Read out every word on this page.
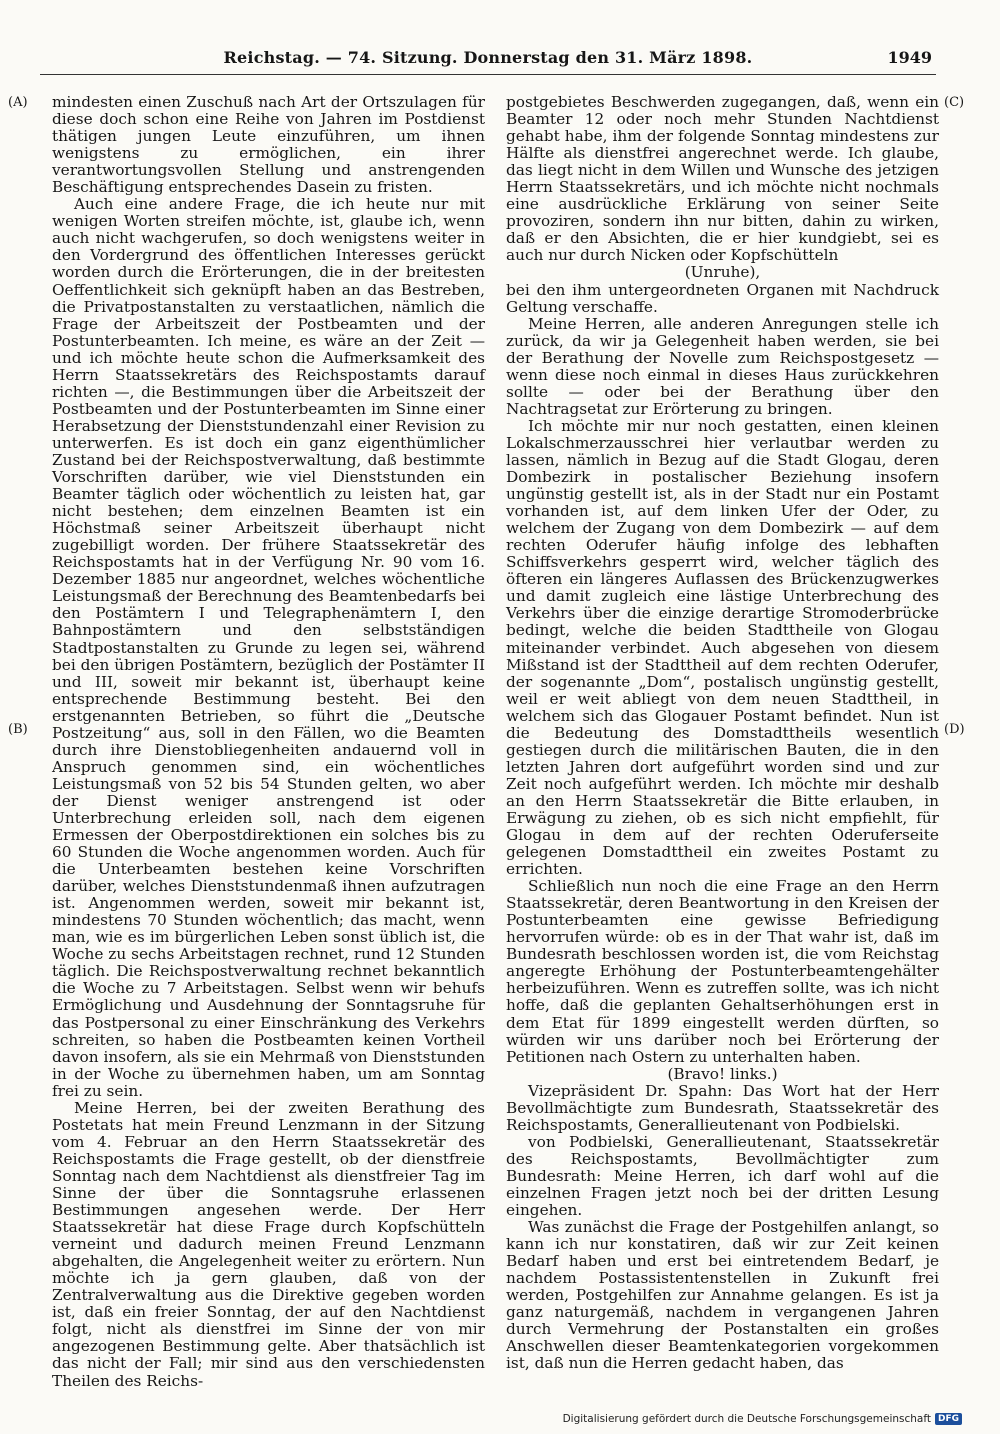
Reichstag. — 74. Sitzung. Donnerstag den 31. März 1898.	1949
(A)
(B)
(C)
(D)

mindesten einen Zuschuß nach Art der Ortszulagen für diese doch schon eine Reihe von Jahren im Postdienst thätigen jungen Leute einzuführen, um ihnen wenigstens zu ermöglichen, ein ihrer verantwortungsvollen Stellung und anstrengenden Beschäftigung entsprechendes Dasein zu fristen.

Auch eine andere Frage, die ich heute nur mit wenigen Worten streifen möchte, ist, glaube ich, wenn auch nicht wachgerufen, so doch wenigstens weiter in den Vordergrund des öffentlichen Interesses gerückt worden durch die Erörterungen, die in der breitesten Oeffentlichkeit sich geknüpft haben an das Bestreben, die Privatpostanstalten zu verstaatlichen, nämlich die Frage der Arbeitszeit der Postbeamten und der Postunterbeamten. Ich meine, es wäre an der Zeit — und ich möchte heute schon die Aufmerksamkeit des Herrn Staatssekretärs des Reichspostamts darauf richten —, die Bestimmungen über die Arbeitszeit der Postbeamten und der Postunterbeamten im Sinne einer Herabsetzung der Dienststundenzahl einer Revision zu unterwerfen. Es ist doch ein ganz eigenthümlicher Zustand bei der Reichspostverwaltung, daß bestimmte Vorschriften darüber, wie viel Dienststunden ein Beamter täglich oder wöchentlich zu leisten hat, gar nicht bestehen; dem einzelnen Beamten ist ein Höchstmaß seiner Arbeitszeit überhaupt nicht zugebilligt worden. Der frühere Staatssekretär des Reichspostamts hat in der Verfügung Nr. 90 vom 16. Dezember 1885 nur angeordnet, welches wöchentliche Leistungsmaß der Berechnung des Beamtenbedarfs bei den Postämtern I und Telegraphenämtern I, den Bahnpostämtern und den selbstständigen Stadtpostanstalten zu Grunde zu legen sei, während bei den übrigen Postämtern, bezüglich der Postämter II und III, soweit mir bekannt ist, überhaupt keine entsprechende Bestimmung besteht. Bei den erstgenannten Betrieben, so führt die „Deutsche Postzeitung“ aus, soll in den Fällen, wo die Beamten durch ihre Dienstobliegenheiten andauernd voll in Anspruch genommen sind, ein wöchentliches Leistungsmaß von 52 bis 54 Stunden gelten, wo aber der Dienst weniger anstrengend ist oder Unterbrechung erleiden soll, nach dem eigenen Ermessen der Oberpostdirektionen ein solches bis zu 60 Stunden die Woche angenommen worden. Auch für die Unterbeamten bestehen keine Vorschriften darüber, welches Dienststundenmaß ihnen aufzutragen ist. Angenommen werden, soweit mir bekannt ist, mindestens 70 Stunden wöchentlich; das macht, wenn man, wie es im bürgerlichen Leben sonst üblich ist, die Woche zu sechs Arbeitstagen rechnet, rund 12 Stunden täglich. Die Reichspostverwaltung rechnet bekanntlich die Woche zu 7 Arbeitstagen. Selbst wenn wir behufs Ermöglichung und Ausdehnung der Sonntagsruhe für das Postpersonal zu einer Einschränkung des Verkehrs schreiten, so haben die Postbeamten keinen Vortheil davon insofern, als sie ein Mehrmaß von Dienststunden in der Woche zu übernehmen haben, um am Sonntag frei zu sein.

Meine Herren, bei der zweiten Berathung des Postetats hat mein Freund Lenzmann in der Sitzung vom 4. Februar an den Herrn Staatssekretär des Reichspostamts die Frage gestellt, ob der dienstfreie Sonntag nach dem Nachtdienst als dienstfreier Tag im Sinne der über die Sonntagsruhe erlassenen Bestimmungen angesehen werde. Der Herr Staatssekretär hat diese Frage durch Kopfschütteln verneint und dadurch meinen Freund Lenzmann abgehalten, die Angelegenheit weiter zu erörtern. Nun möchte ich ja gern glauben, daß von der Zentralverwaltung aus die Direktive gegeben worden ist, daß ein freier Sonntag, der auf den Nachtdienst folgt, nicht als dienstfrei im Sinne der von mir angezogenen Bestimmung gelte. Aber thatsächlich ist das nicht der Fall; mir sind aus den verschiedensten Theilen des Reichs-

postgebietes Beschwerden zugegangen, daß, wenn ein Beamter 12 oder noch mehr Stunden Nachtdienst gehabt habe, ihm der folgende Sonntag mindestens zur Hälfte als dienstfrei angerechnet werde. Ich glaube, das liegt nicht in dem Willen und Wunsche des jetzigen Herrn Staatssekretärs, und ich möchte nicht nochmals eine ausdrückliche Erklärung von seiner Seite provoziren, sondern ihn nur bitten, dahin zu wirken, daß er den Absichten, die er hier kundgiebt, sei es auch nur durch Nicken oder Kopfschütteln

(Unruhe),

bei den ihm untergeordneten Organen mit Nachdruck Geltung verschaffe.

Meine Herren, alle anderen Anregungen stelle ich zurück, da wir ja Gelegenheit haben werden, sie bei der Berathung der Novelle zum Reichspostgesetz — wenn diese noch einmal in dieses Haus zurückkehren sollte — oder bei der Berathung über den Nachtragsetat zur Erörterung zu bringen.

Ich möchte mir nur noch gestatten, einen kleinen Lokalschmerzausschrei hier verlautbar werden zu lassen, nämlich in Bezug auf die Stadt Glogau, deren Dombezirk in postalischer Beziehung insofern ungünstig gestellt ist, als in der Stadt nur ein Postamt vorhanden ist, auf dem linken Ufer der Oder, zu welchem der Zugang von dem Dombezirk — auf dem rechten Oderufer häufig infolge des lebhaften Schiffsverkehrs gesperrt wird, welcher täglich des öfteren ein längeres Auflassen des Brückenzugwerkes und damit zugleich eine lästige Unterbrechung des Verkehrs über die einzige derartige Stromoderbrücke bedingt, welche die beiden Stadttheile von Glogau miteinander verbindet. Auch abgesehen von diesem Mißstand ist der Stadttheil auf dem rechten Oderufer, der sogenannte „Dom“, postalisch ungünstig gestellt, weil er weit abliegt von dem neuen Stadttheil, in welchem sich das Glogauer Postamt befindet. Nun ist die Bedeutung des Domstadttheils wesentlich gestiegen durch die militärischen Bauten, die in den letzten Jahren dort aufgeführt worden sind und zur Zeit noch aufgeführt werden. Ich möchte mir deshalb an den Herrn Staatssekretär die Bitte erlauben, in Erwägung zu ziehen, ob es sich nicht empfiehlt, für Glogau in dem auf der rechten Oderuferseite gelegenen Domstadttheil ein zweites Postamt zu errichten.

Schließlich nun noch die eine Frage an den Herrn Staatssekretär, deren Beantwortung in den Kreisen der Postunterbeamten eine gewisse Befriedigung hervorrufen würde: ob es in der That wahr ist, daß im Bundesrath beschlossen worden ist, die vom Reichstag angeregte Erhöhung der Postunterbeamtengehälter herbeizuführen. Wenn es zutreffen sollte, was ich nicht hoffe, daß die geplanten Gehaltserhöhungen erst in dem Etat für 1899 eingestellt werden dürften, so würden wir uns darüber noch bei Erörterung der Petitionen nach Ostern zu unterhalten haben.

(Bravo! links.)

Vizepräsident Dr. Spahn: Das Wort hat der Herr Bevollmächtigte zum Bundesrath, Staatssekretär des Reichspostamts, Generallieutenant von Podbielski.

von Podbielski, Generallieutenant, Staatssekretär des Reichspostamts, Bevollmächtigter zum Bundesrath: Meine Herren, ich darf wohl auf die einzelnen Fragen jetzt noch bei der dritten Lesung eingehen.

Was zunächst die Frage der Postgehilfen anlangt, so kann ich nur konstatiren, daß wir zur Zeit keinen Bedarf haben und erst bei eintretendem Bedarf, je nachdem Postassistentenstellen in Zukunft frei werden, Postgehilfen zur Annahme gelangen. Es ist ja ganz naturgemäß, nachdem in vergangenen Jahren durch Vermehrung der Postanstalten ein großes Anschwellen dieser Beamtenkategorien vorgekommen ist, daß nun die Herren gedacht haben, das

Digitalisierung gefördert durch die Deutsche Forschungsgemeinschaft DFG
